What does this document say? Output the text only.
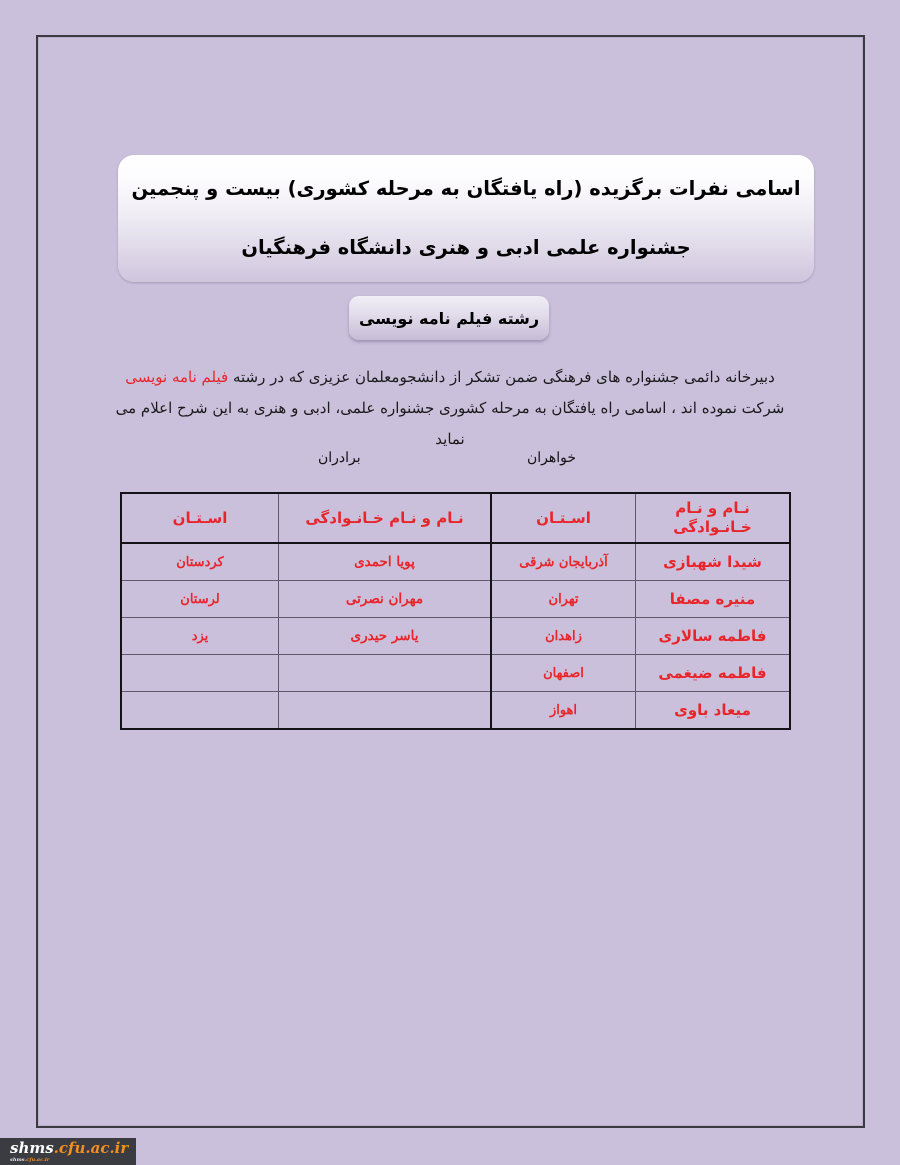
اسامی نفرات برگزیده (راه یافتگان به مرحله کشوری) بیست و پنجمین
جشنواره علمی ادبی و هنری دانشگاه فرهنگیان
رشته فیلم نامه نویسی
دبیرخانه دائمی جشنواره های فرهنگی ضمن تشکر از دانشجومعلمان عزیزی که در رشته فیلم نامه نویسی شرکت نموده اند ، اسامی راه یافتگان به مرحله کشوری جشنواره علمی، ادبی و هنری به این شرح اعلام می نماید
خواهران
برادران
نـام و نـام خـانـوادگی	اسـتـان	نـام و نـام خـانـوادگی	اسـتـان
شیدا شهبازی	آذربایجان شرقی	پویا احمدی	کردستان
منیره مصفا	تهران	مهران نصرتی	لرستان
فاطمه سالاری	زاهدان	یاسر حیدری	یزد
فاطمه ضیغمی	اصفهان		
میعاد باوی	اهواز		
shms.cfu.ac.ir
shms.cfu.ac.ir
